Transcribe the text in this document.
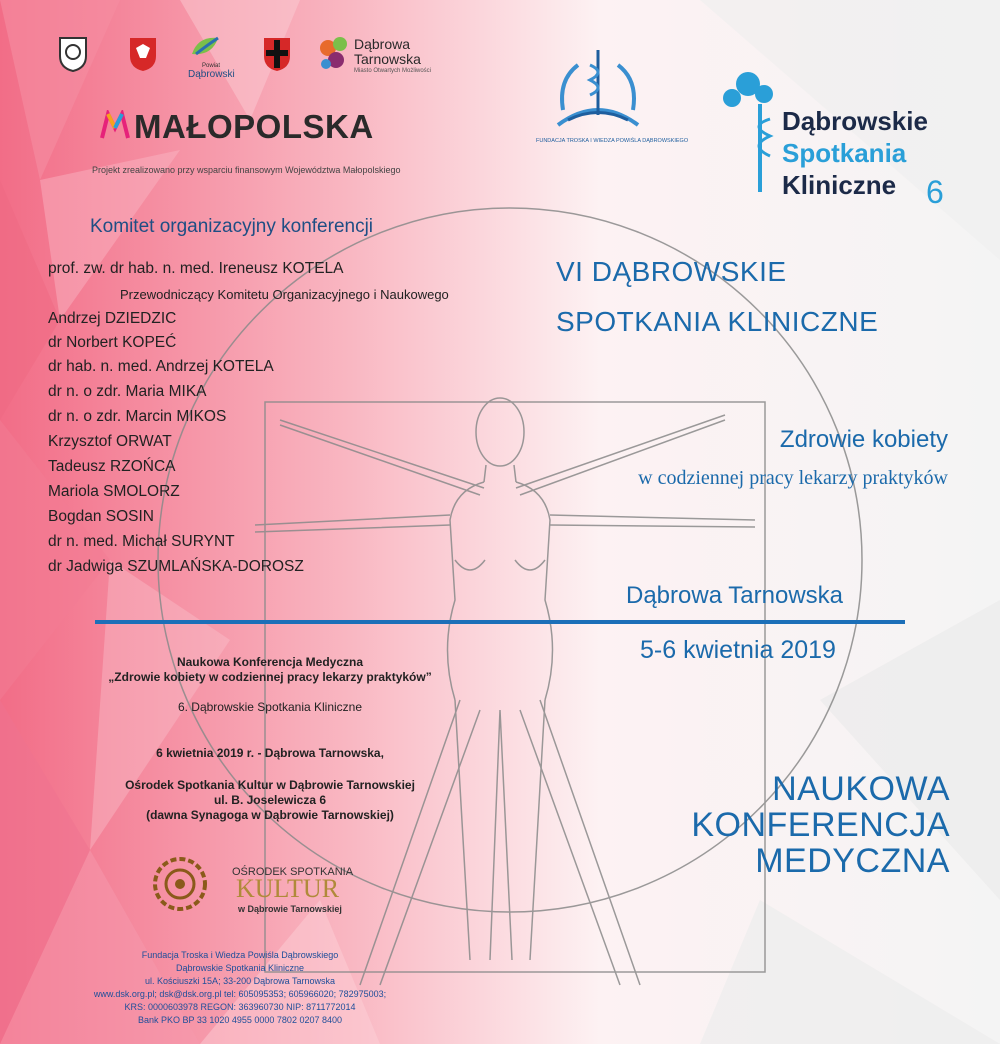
Powiat
Dąbrowski
Dąbrowa
Tarnowska
Miasto Otwartych Możliwości
MAŁOPOLSKA
Projekt zrealizowano przy wsparciu finansowym Województwa Małopolskiego
FUNDACJA TROSKA I WIEDZA POWIŚLA DĄBROWSKIEGO
Dąbrowskie
Spotkania
Kliniczne 6
Komitet organizacyjny konferencji
prof. zw. dr hab. n. med. Ireneusz KOTELA
Przewodniczący Komitetu Organizacyjnego i Naukowego
Andrzej DZIEDZIC
dr Norbert KOPEĆ
dr hab. n. med. Andrzej KOTELA
dr n. o zdr. Maria MIKA
dr n. o zdr. Marcin MIKOS
Krzysztof ORWAT
Tadeusz RZOŃCA
Mariola SMOLORZ
Bogdan SOSIN
dr n. med. Michał SURYNT
dr Jadwiga SZUMLAŃSKA-DOROSZ
VI DĄBROWSKIE
SPOTKANIA KLINICZNE
Zdrowie kobiety
w codziennej pracy lekarzy praktyków
Dąbrowa Tarnowska
5-6 kwietnia 2019
NAUKOWA
KONFERENCJA
MEDYCZNA
Naukowa Konferencja Medyczna
„Zdrowie kobiety w codziennej pracy lekarzy praktyków”
6. Dąbrowskie Spotkania Kliniczne
6 kwietnia 2019 r. - Dąbrowa Tarnowska,
Ośrodek Spotkania Kultur w Dąbrowie Tarnowskiej
ul. B. Joselewicza 6
(dawna Synagoga w Dąbrowie Tarnowskiej)
OŚRODEK SPOTKANIA
KULTUR
w Dąbrowie Tarnowskiej
Fundacja Troska i Wiedza Powiśla Dąbrowskiego
Dąbrowskie Spotkania Kliniczne
ul. Kościuszki 15A; 33-200 Dąbrowa Tarnowska
www.dsk.org.pl; dsk@dsk.org.pl tel: 605095353; 605966020; 782975003;
KRS: 0000603978 REGON: 363960730 NIP: 8711772014
Bank PKO BP 33 1020 4955 0000 7802 0207 8400
